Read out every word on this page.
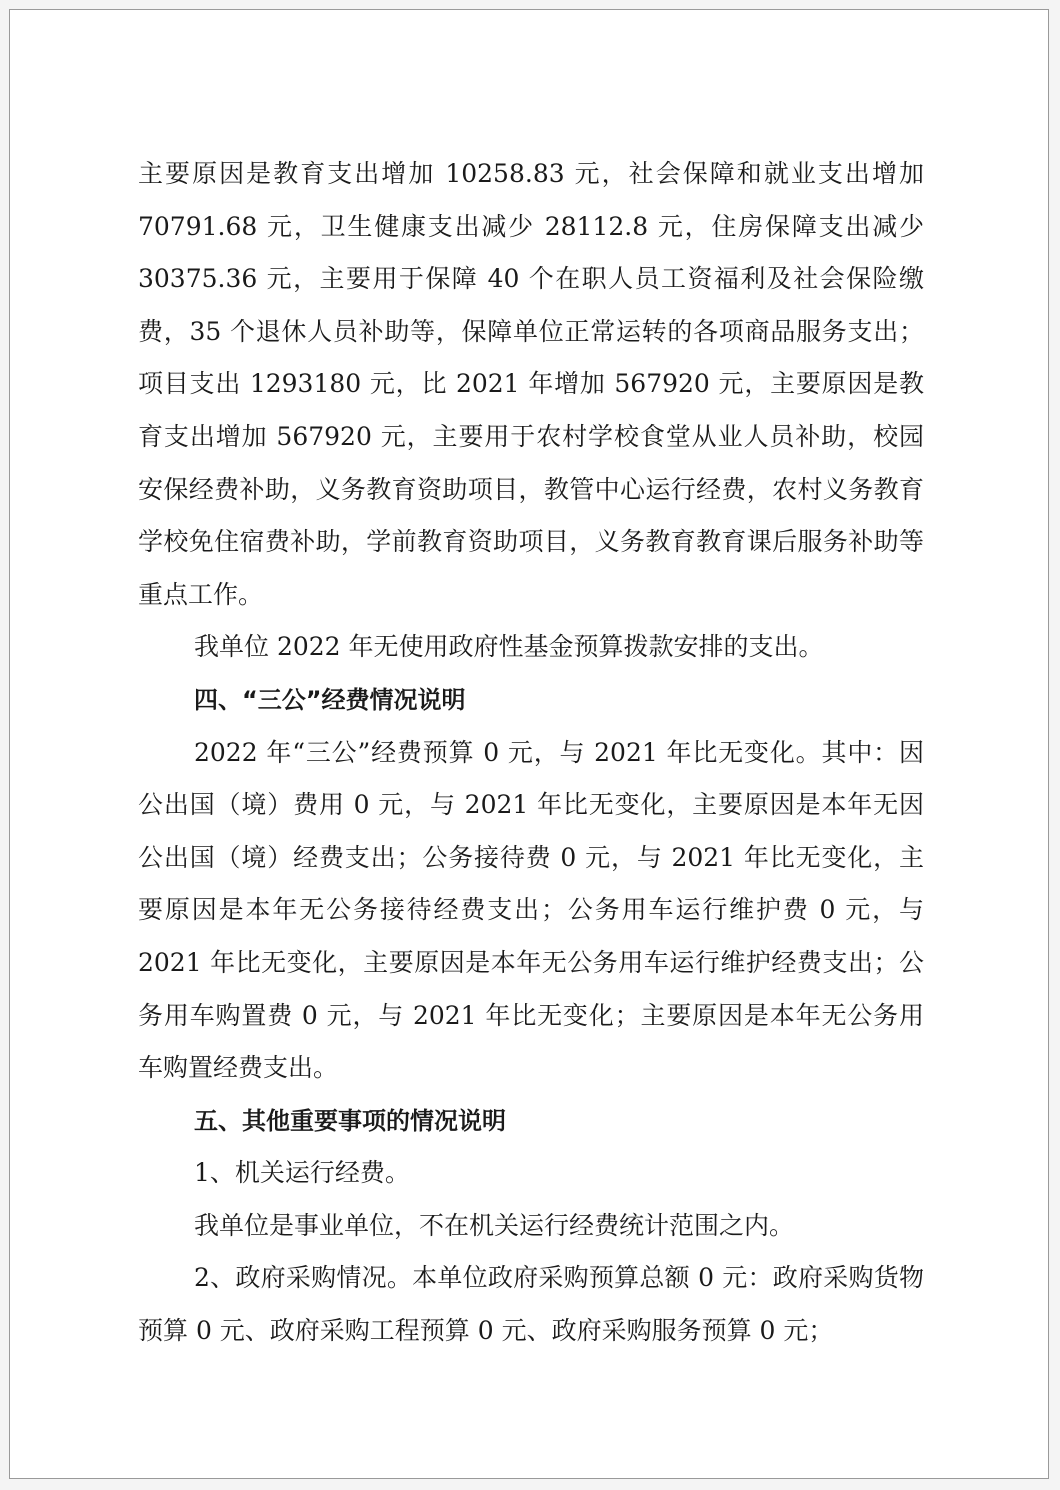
主要原因是教育支出增加 10258.83 元，社会保障和就业支出增加 70791.68 元，卫生健康支出减少 28112.8 元，住房保障支出减少 30375.36 元，主要用于保障 40 个在职人员工资福利及社会保险缴费，35 个退休人员补助等，保障单位正常运转的各项商品服务支出；项目支出 1293180 元，比 2021 年增加 567920 元，主要原因是教育支出增加 567920 元，主要用于农村学校食堂从业人员补助，校园安保经费补助，义务教育资助项目，教管中心运行经费，农村义务教育学校免住宿费补助，学前教育资助项目，义务教育教育课后服务补助等重点工作。

我单位 2022 年无使用政府性基金预算拨款安排的支出。

四、“三公”经费情况说明

2022 年“三公”经费预算 0 元，与 2021 年比无变化。其中：因公出国（境）费用 0 元，与 2021 年比无变化，主要原因是本年无因公出国（境）经费支出；公务接待费 0 元，与 2021 年比无变化，主要原因是本年无公务接待经费支出；公务用车运行维护费 0 元，与 2021 年比无变化，主要原因是本年无公务用车运行维护经费支出；公务用车购置费 0 元，与 2021 年比无变化；主要原因是本年无公务用车购置经费支出。

五、其他重要事项的情况说明

1、机关运行经费。

我单位是事业单位，不在机关运行经费统计范围之内。

2、政府采购情况。本单位政府采购预算总额 0 元：政府采购货物预算 0 元、政府采购工程预算 0 元、政府采购服务预算 0 元；
